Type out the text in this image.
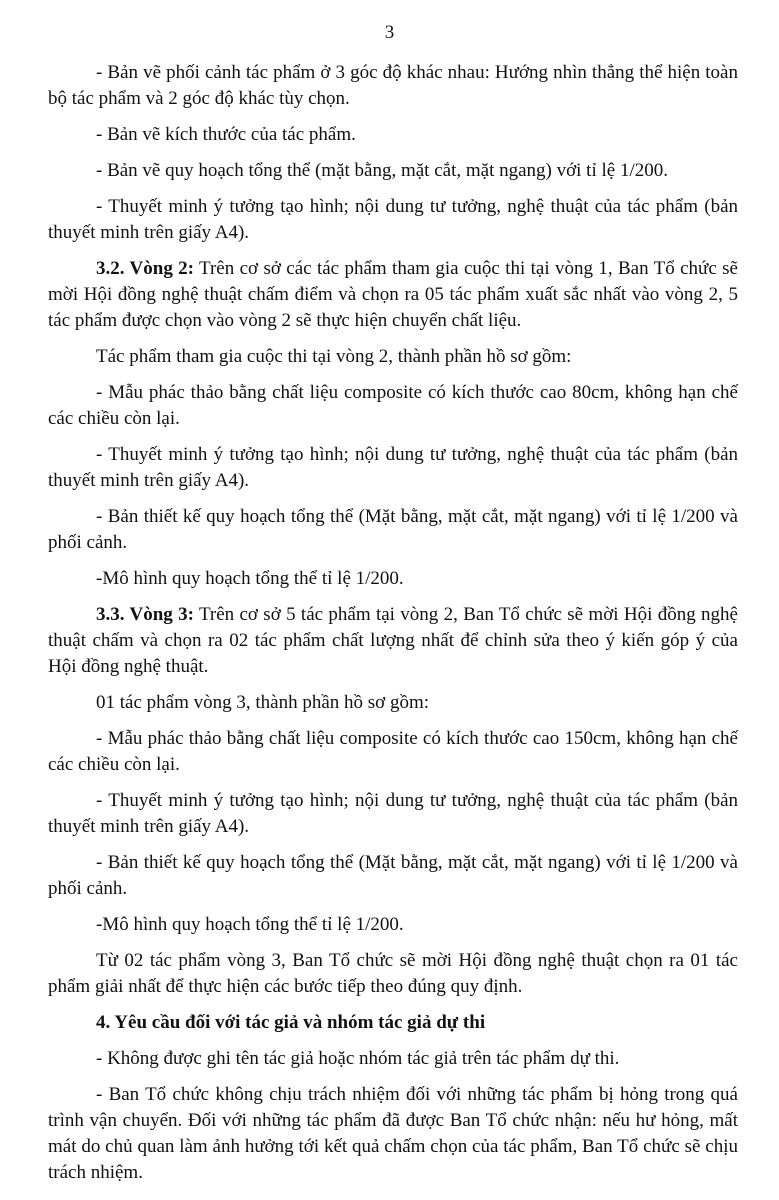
3

- Bản vẽ phối cảnh tác phẩm ở 3 góc độ khác nhau: Hướng nhìn thẳng thể hiện toàn bộ tác phẩm và 2 góc độ khác tùy chọn.

- Bản vẽ kích thước của tác phẩm.

- Bản vẽ quy hoạch tổng thể (mặt bằng, mặt cắt, mặt ngang) với tỉ lệ 1/200.

- Thuyết minh ý tưởng tạo hình; nội dung tư tưởng, nghệ thuật của tác phẩm (bản thuyết minh trên giấy A4).

3.2. Vòng 2: Trên cơ sở các tác phẩm tham gia cuộc thi tại vòng 1, Ban Tổ chức sẽ mời Hội đồng nghệ thuật chấm điểm và chọn ra 05 tác phẩm xuất sắc nhất vào vòng 2, 5 tác phẩm được chọn vào vòng 2 sẽ thực hiện chuyển chất liệu.

Tác phẩm tham gia cuộc thi tại vòng 2, thành phần hồ sơ gồm:

- Mẫu phác thảo bằng chất liệu composite có kích thước cao 80cm, không hạn chế các chiều còn lại.

- Thuyết minh ý tưởng tạo hình; nội dung tư tưởng, nghệ thuật của tác phẩm (bản thuyết minh trên giấy A4).

- Bản thiết kế quy hoạch tổng thể (Mặt bằng, mặt cắt, mặt ngang) với tỉ lệ 1/200 và phối cảnh.

-Mô hình quy hoạch tổng thể tỉ lệ 1/200.

3.3. Vòng 3: Trên cơ sở 5 tác phẩm tại vòng 2, Ban Tổ chức sẽ mời Hội đồng nghệ thuật chấm và chọn ra 02 tác phẩm chất lượng nhất để chỉnh sửa theo ý kiến góp ý của Hội đồng nghệ thuật.

01 tác phẩm vòng 3, thành phần hồ sơ gồm:

- Mẫu phác thảo bằng chất liệu composite có kích thước cao 150cm, không hạn chế các chiều còn lại.

- Thuyết minh ý tưởng tạo hình; nội dung tư tưởng, nghệ thuật của tác phẩm (bản thuyết minh trên giấy A4).

- Bản thiết kế quy hoạch tổng thể (Mặt bằng, mặt cắt, mặt ngang) với tỉ lệ 1/200 và phối cảnh.

-Mô hình quy hoạch tổng thể tỉ lệ 1/200.

Từ 02 tác phẩm vòng 3, Ban Tổ chức sẽ mời Hội đồng nghệ thuật chọn ra 01 tác phẩm giải nhất để thực hiện các bước tiếp theo đúng quy định.

4. Yêu cầu đối với tác giả và nhóm tác giả dự thi

- Không được ghi tên tác giả hoặc nhóm tác giả trên tác phẩm dự thi.

- Ban Tổ chức không chịu trách nhiệm đối với những tác phẩm bị hỏng trong quá trình vận chuyển. Đối với những tác phẩm đã được Ban Tổ chức nhận: nếu hư hỏng, mất mát do chủ quan làm ảnh hưởng tới kết quả chấm chọn của tác phẩm, Ban Tổ chức sẽ chịu trách nhiệm.
